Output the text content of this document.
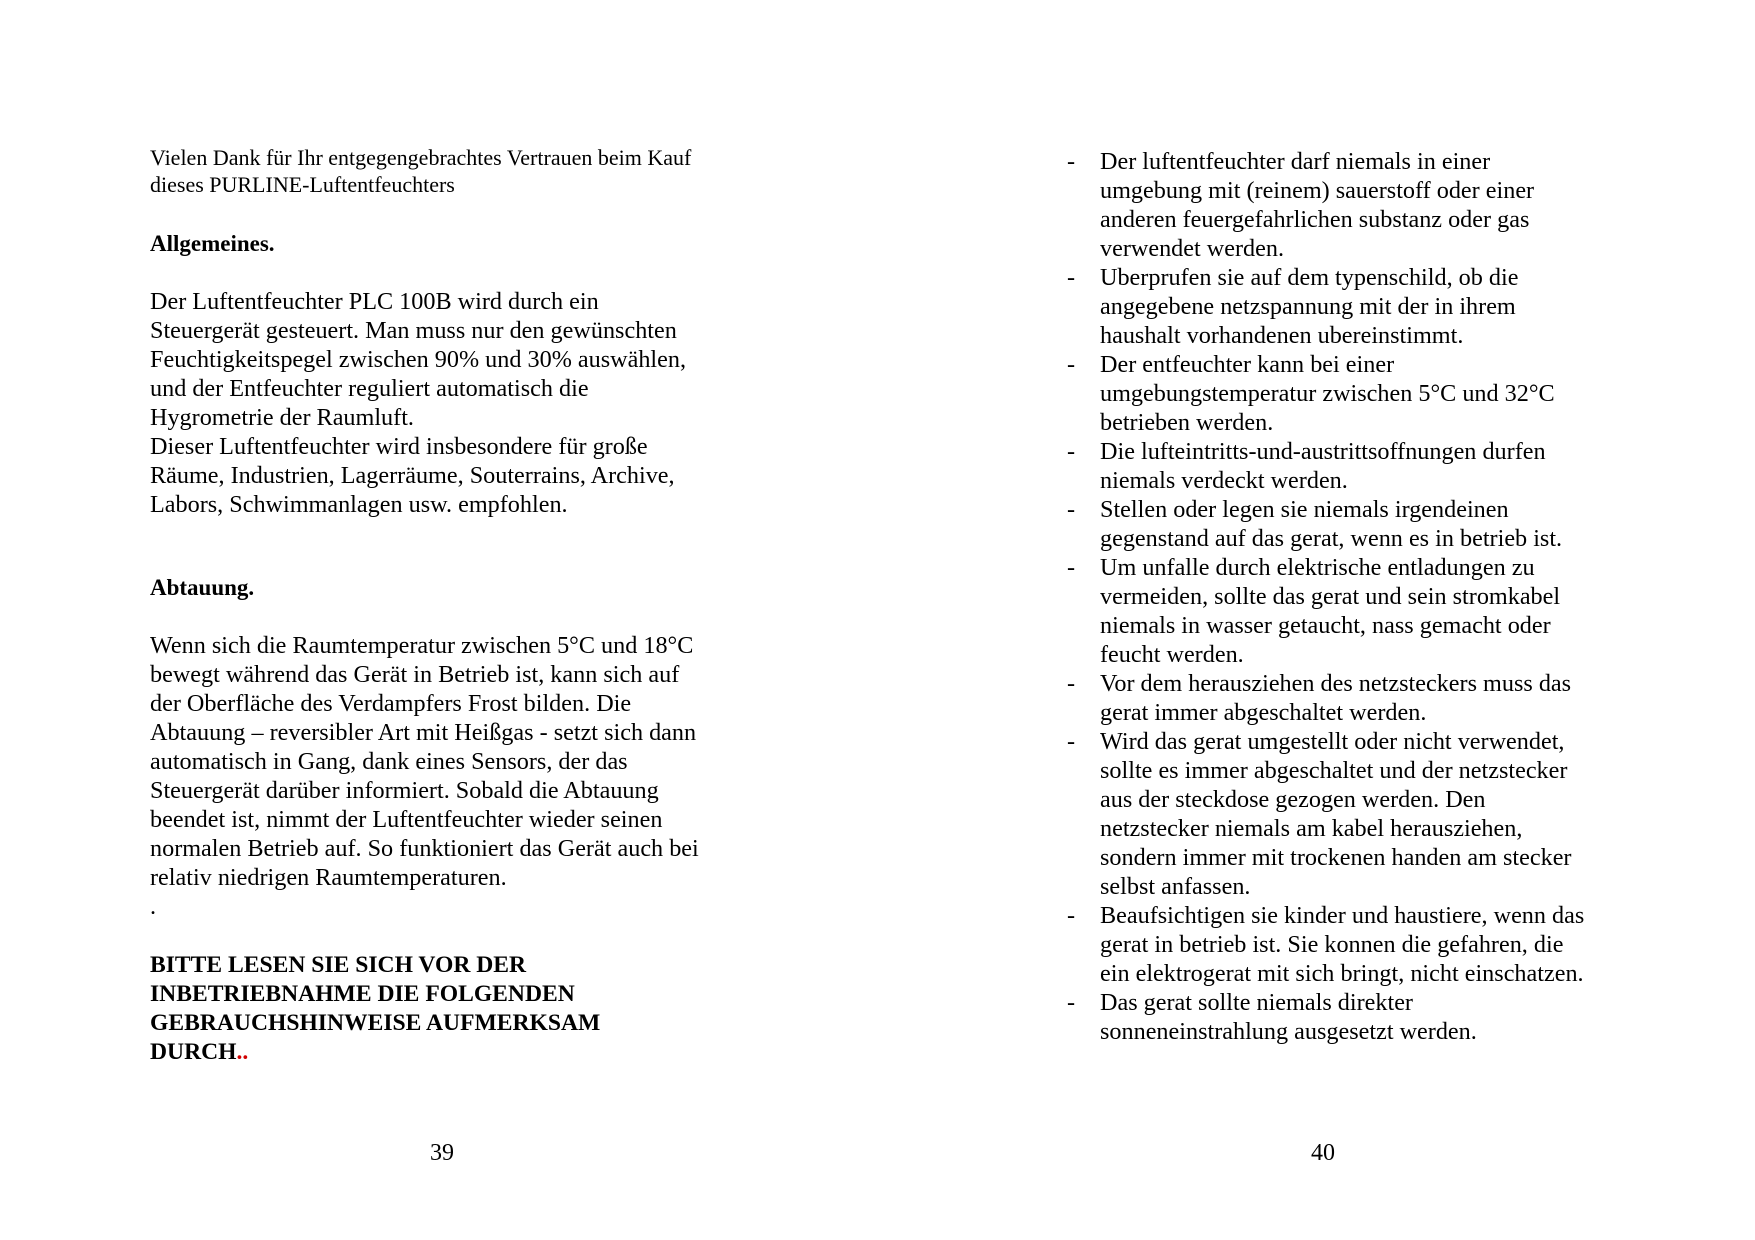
Vielen Dank für Ihr entgegengebrachtes Vertrauen beim Kauf
dieses PURLINE-Luftentfeuchters

Allgemeines.

Der Luftentfeuchter PLC 100B wird durch ein
Steuergerät gesteuert. Man muss nur den gewünschten
Feuchtigkeitspegel zwischen 90% und 30% auswählen,
und der Entfeuchter reguliert automatisch die
Hygrometrie der Raumluft.
Dieser Luftentfeuchter wird insbesondere für große
Räume, Industrien, Lagerräume, Souterrains, Archive,
Labors, Schwimmanlagen usw. empfohlen.

Abtauung.

Wenn sich die Raumtemperatur zwischen 5°C und 18°C
bewegt während das Gerät in Betrieb ist, kann sich auf
der Oberfläche des Verdampfers Frost bilden. Die
Abtauung – reversibler Art mit Heißgas - setzt sich dann
automatisch in Gang, dank eines Sensors, der das
Steuergerät darüber informiert. Sobald die Abtauung
beendet ist, nimmt der Luftentfeuchter wieder seinen
normalen Betrieb auf. So funktioniert das Gerät auch bei
relativ niedrigen Raumtemperaturen.
.

BITTE LESEN SIE SICH VOR DER
INBETRIEBNAHME DIE FOLGENDEN
GEBRAUCHSHINWEISE AUFMERKSAM
DURCH..

39
- Der luftentfeuchter darf niemals in einer
umgebung mit (reinem) sauerstoff oder einer
anderen feuergefahrlichen substanz oder gas
verwendet werden.
- Uberprufen sie auf dem typenschild, ob die
angegebene netzspannung mit der in ihrem
haushalt vorhandenen ubereinstimmt.
- Der entfeuchter kann bei einer
umgebungstemperatur zwischen 5°C und 32°C
betrieben werden.
- Die lufteintritts-und-austrittsoffnungen durfen
niemals verdeckt werden.
- Stellen oder legen sie niemals irgendeinen
gegenstand auf das gerat, wenn es in betrieb ist.
- Um unfalle durch elektrische entladungen zu
vermeiden, sollte das gerat und sein stromkabel
niemals in wasser getaucht, nass gemacht oder
feucht werden.
- Vor dem herausziehen des netzsteckers muss das
gerat immer abgeschaltet werden.
- Wird das gerat umgestellt oder nicht verwendet,
sollte es immer abgeschaltet und der netzstecker
aus der steckdose gezogen werden. Den
netzstecker niemals am kabel herausziehen,
sondern immer mit trockenen handen am stecker
selbst anfassen.
- Beaufsichtigen sie kinder und haustiere, wenn das
gerat in betrieb ist. Sie konnen die gefahren, die
ein elektrogerat mit sich bringt, nicht einschatzen.
- Das gerat sollte niemals direkter
sonneneinstrahlung ausgesetzt werden.
40
